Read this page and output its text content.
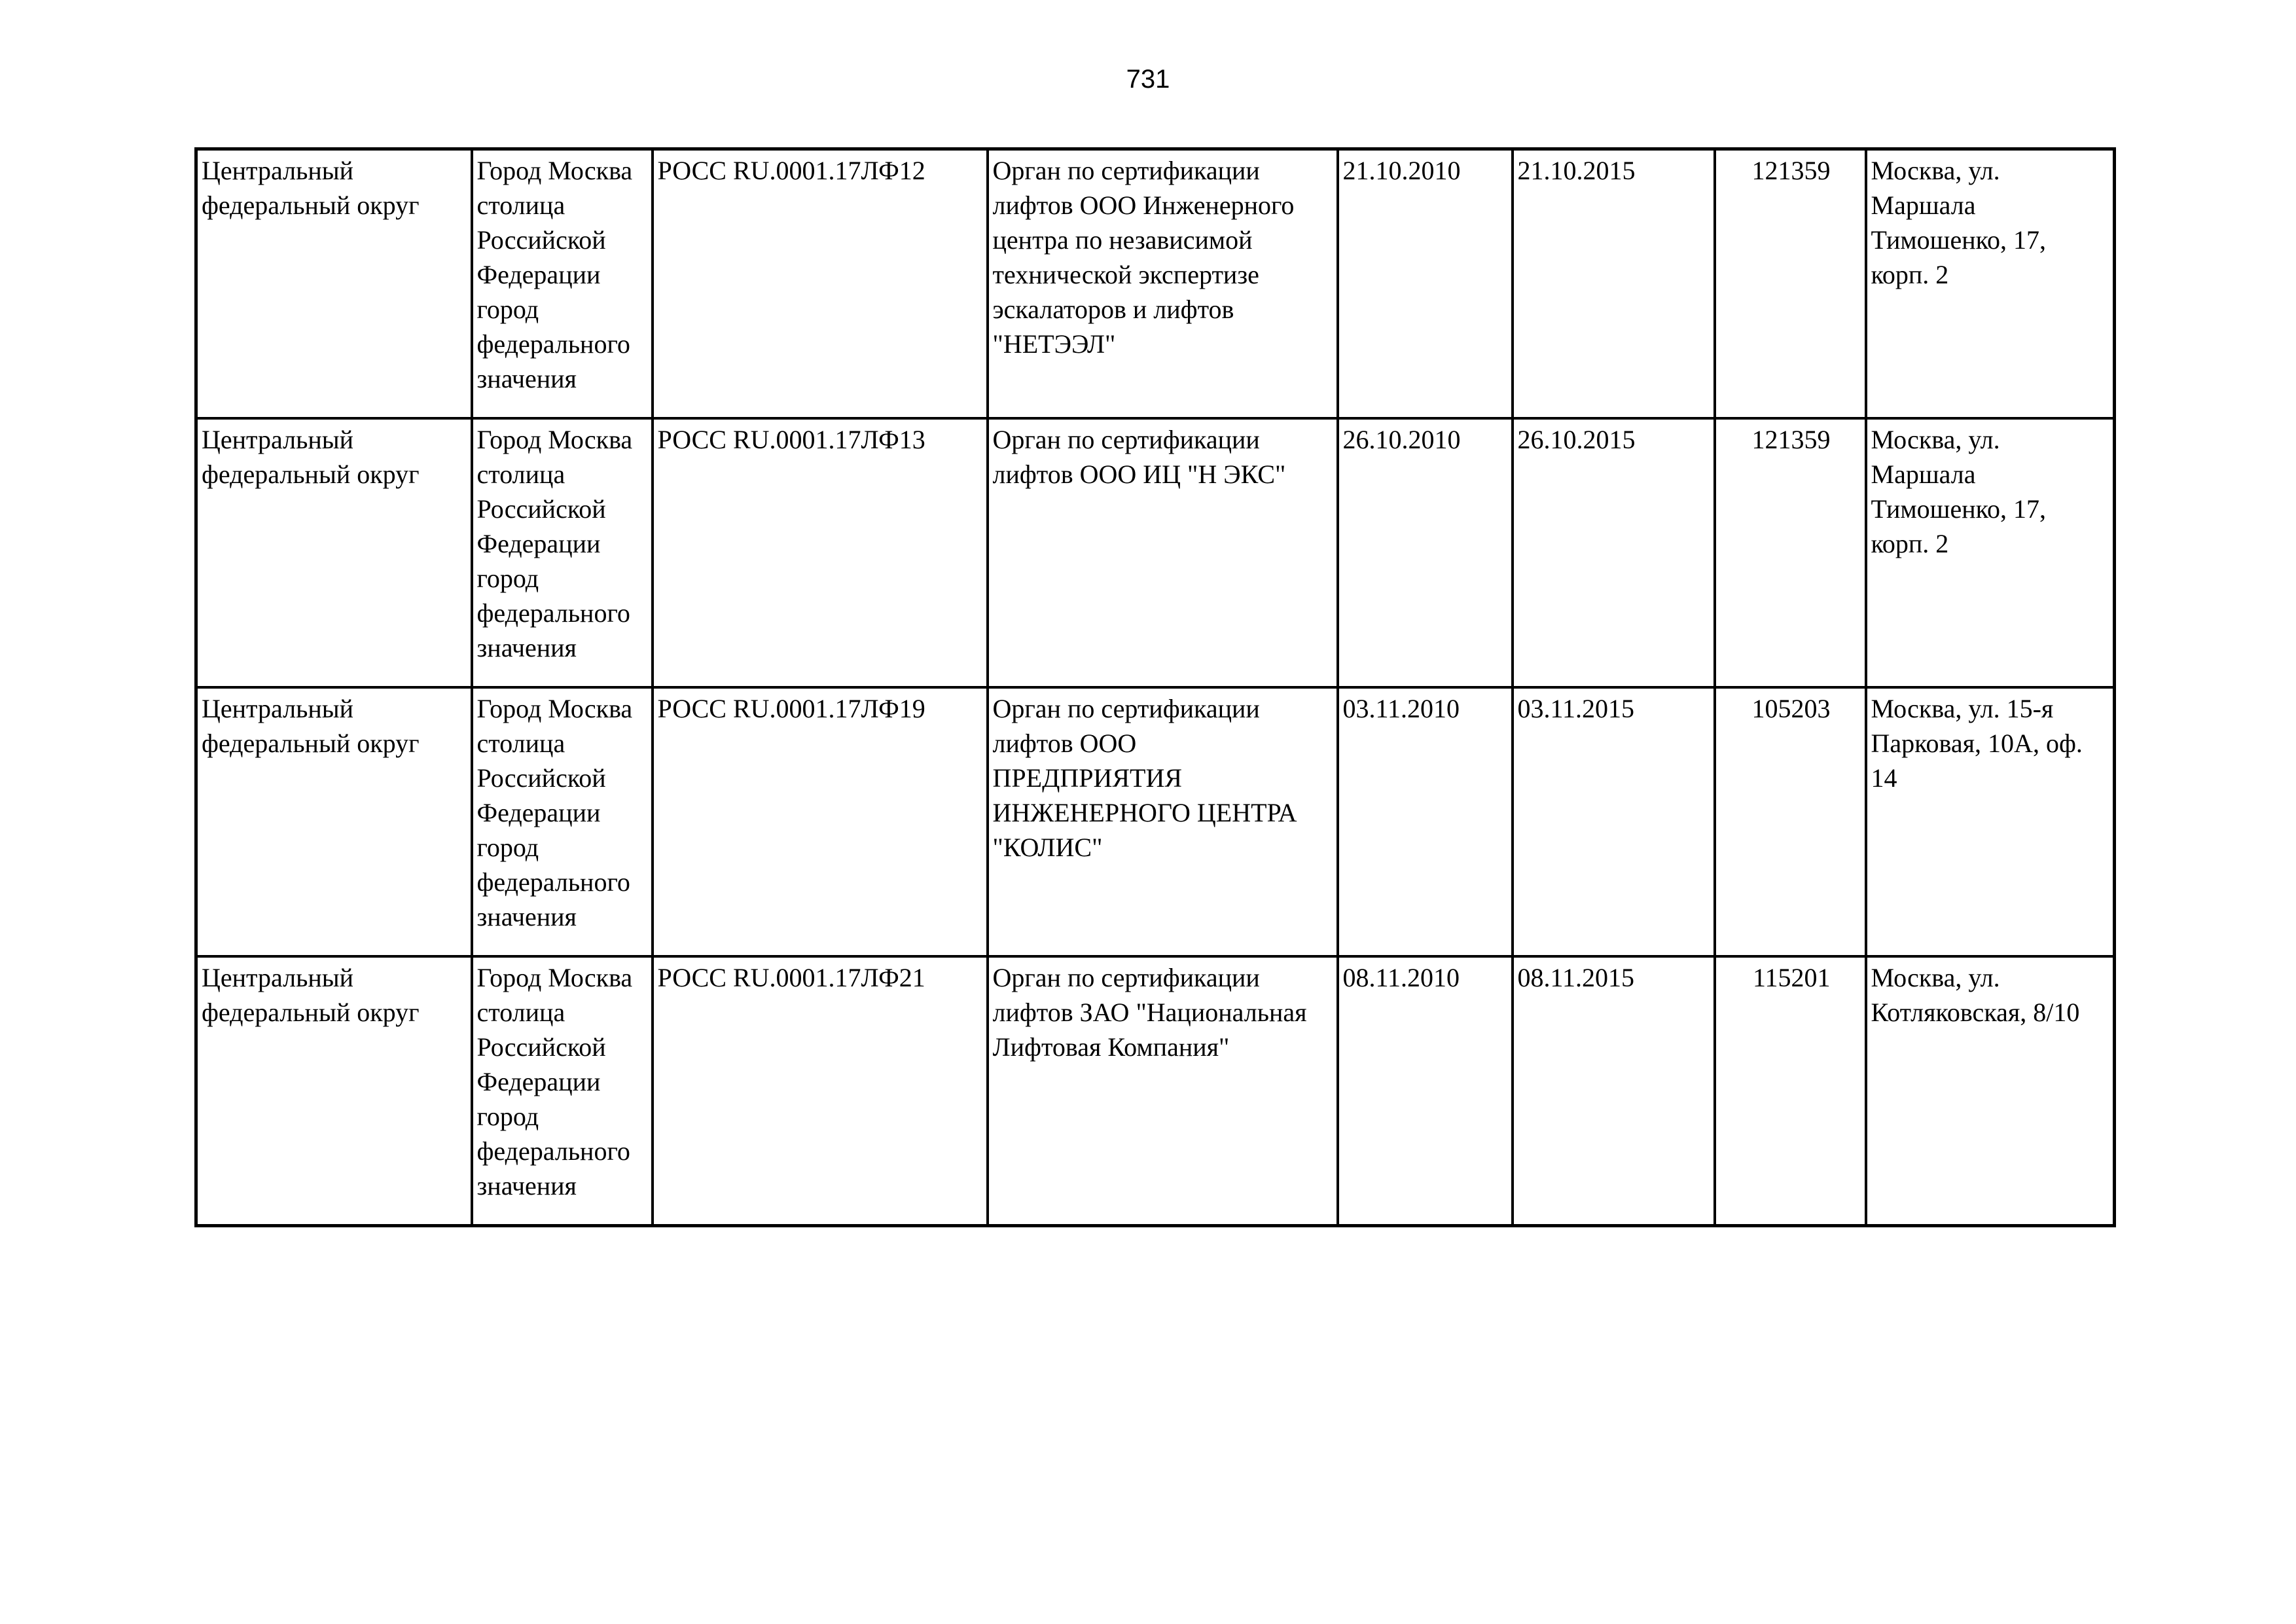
731
Центральный федеральный округ	Город Москва столица Российской Федерации город федерального значения	РОСС RU.0001.17ЛФ12	Орган по сертификации лифтов ООО Инженерного центра по независимой технической экспертизе эскалаторов и лифтов "НЕТЭЭЛ"	21.10.2010	21.10.2015	121359	Москва, ул. Маршала Тимошенко, 17, корп. 2

Центральный федеральный округ	Город Москва столица Российской Федерации город федерального значения	РОСС RU.0001.17ЛФ13	Орган по сертификации лифтов ООО ИЦ "Н ЭКС"	26.10.2010	26.10.2015	121359	Москва, ул. Маршала Тимошенко, 17, корп. 2

Центральный федеральный округ	Город Москва столица Российской Федерации город федерального значения	РОСС RU.0001.17ЛФ19	Орган по сертификации лифтов ООО ПРЕДПРИЯТИЯ ИНЖЕНЕРНОГО ЦЕНТРА "КОЛИС"	03.11.2010	03.11.2015	105203	Москва, ул. 15-я Парковая, 10А, оф. 14

Центральный федеральный округ	Город Москва столица Российской Федерации город федерального значения	РОСС RU.0001.17ЛФ21	Орган по сертификации лифтов ЗАО "Национальная Лифтовая Компания"	08.11.2010	08.11.2015	115201	Москва, ул. Котляковская, 8/10
